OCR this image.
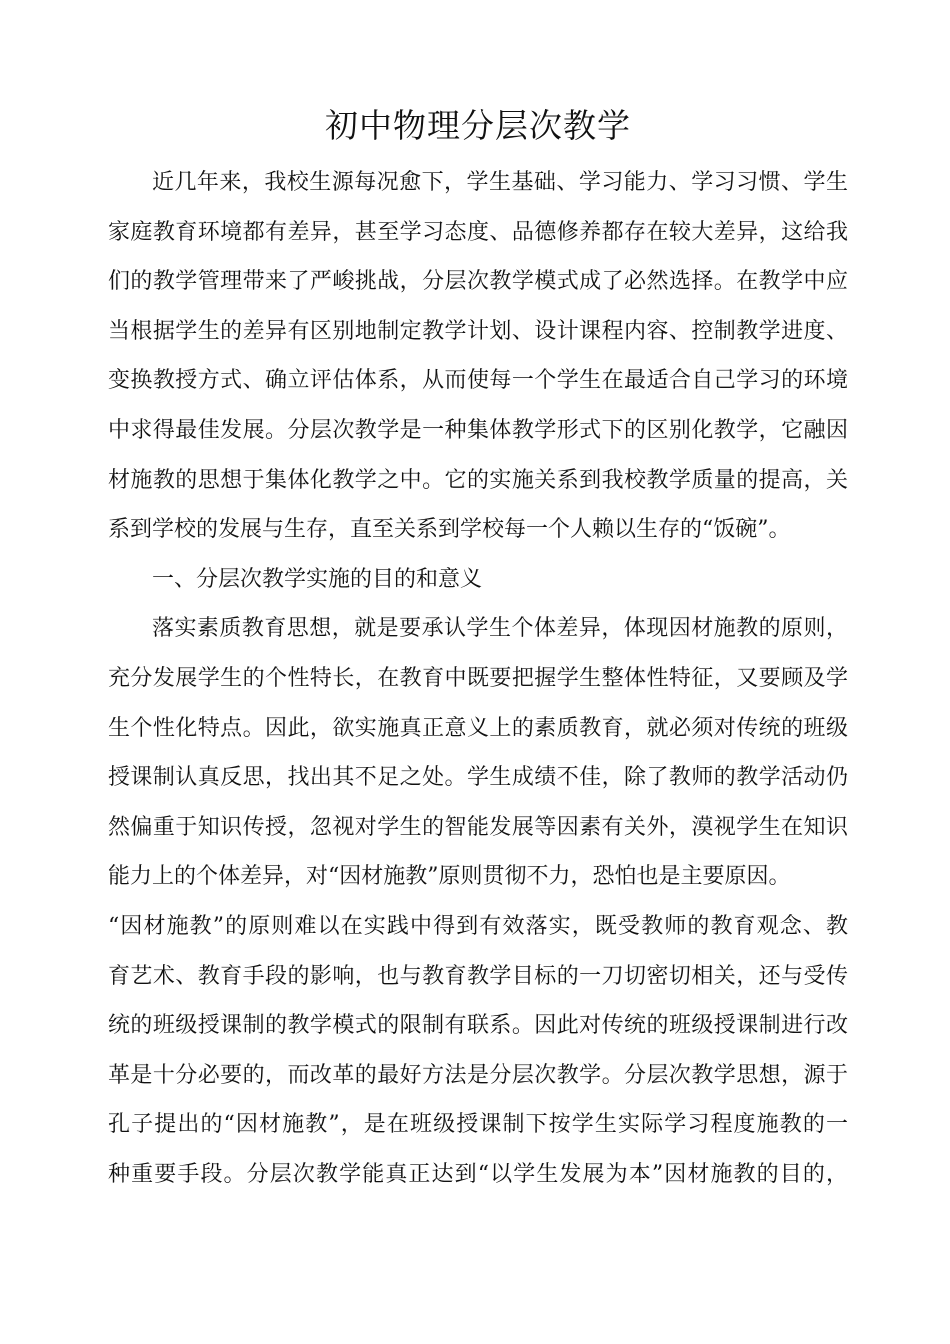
初中物理分层次教学
近几年来，我校生源每况愈下，学生基础、学习能力、学习习惯、学生
家庭教育环境都有差异，甚至学习态度、品德修养都存在较大差异，这给我
们的教学管理带来了严峻挑战，分层次教学模式成了必然选择。在教学中应
当根据学生的差异有区别地制定教学计划、设计课程内容、控制教学进度、
变换教授方式、确立评估体系，从而使每一个学生在最适合自己学习的环境
中求得最佳发展。分层次教学是一种集体教学形式下的区别化教学，它融因
材施教的思想于集体化教学之中。它的实施关系到我校教学质量的提高，关
系到学校的发展与生存，直至关系到学校每一个人赖以生存的“饭碗”。
一、分层次教学实施的目的和意义
落实素质教育思想，就是要承认学生个体差异，体现因材施教的原则，
充分发展学生的个性特长，在教育中既要把握学生整体性特征，又要顾及学
生个性化特点。因此，欲实施真正意义上的素质教育，就必须对传统的班级
授课制认真反思，找出其不足之处。学生成绩不佳，除了教师的教学活动仍
然偏重于知识传授，忽视对学生的智能发展等因素有关外，漠视学生在知识
能力上的个体差异，对“因材施教”原则贯彻不力，恐怕也是主要原因。
“因材施教”的原则难以在实践中得到有效落实，既受教师的教育观念、教
育艺术、教育手段的影响，也与教育教学目标的一刀切密切相关，还与受传
统的班级授课制的教学模式的限制有联系。因此对传统的班级授课制进行改
革是十分必要的，而改革的最好方法是分层次教学。分层次教学思想，源于
孔子提出的“因材施教”，是在班级授课制下按学生实际学习程度施教的一
种重要手段。分层次教学能真正达到“以学生发展为本”因材施教的目的，
